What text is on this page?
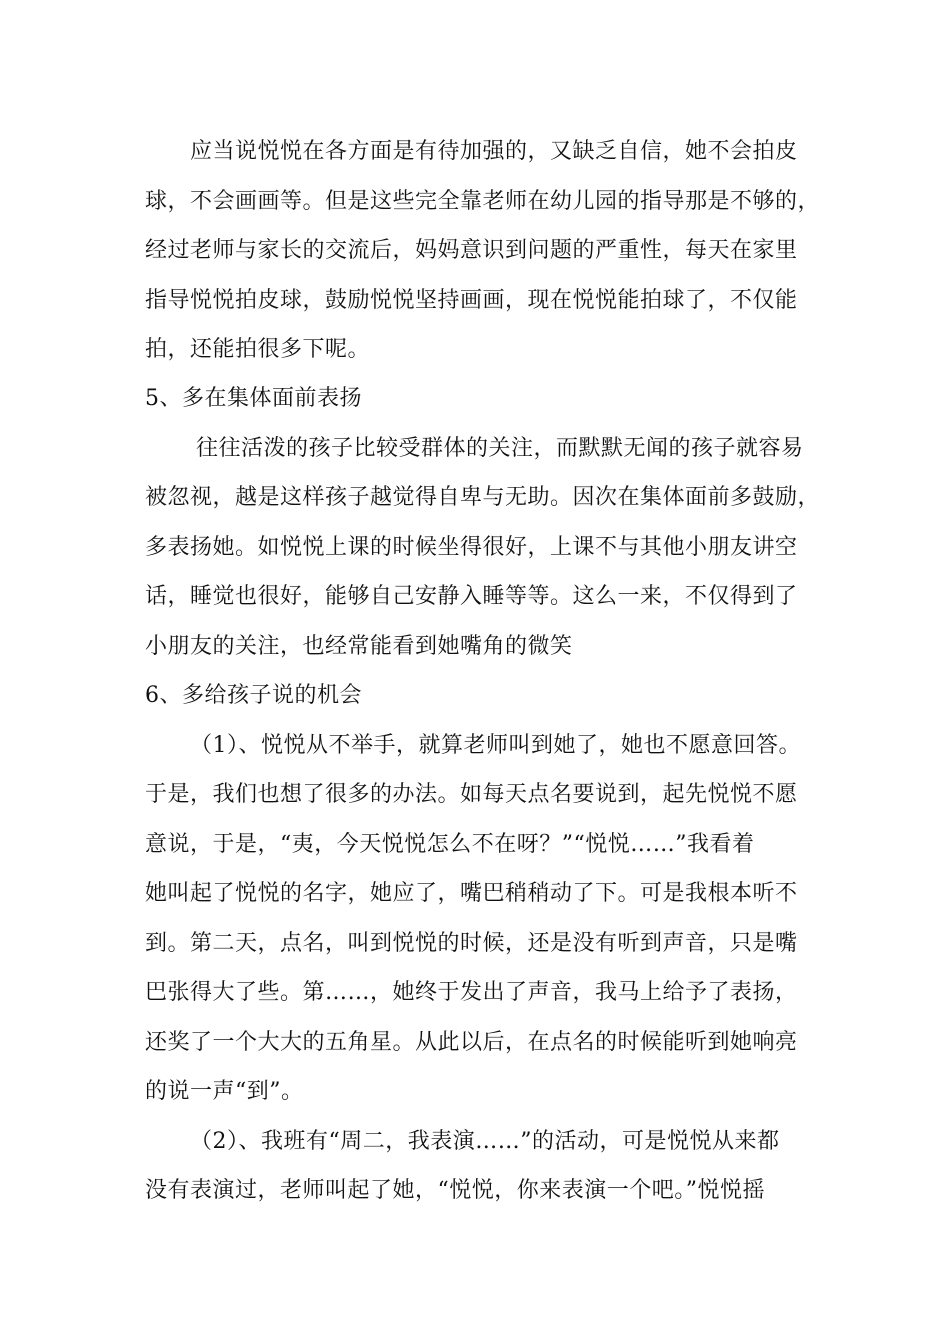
应当说悦悦在各方面是有待加强的，又缺乏自信，她不会拍皮
球，不会画画等。但是这些完全靠老师在幼儿园的指导那是不够的，
经过老师与家长的交流后，妈妈意识到问题的严重性，每天在家里
指导悦悦拍皮球，鼓励悦悦坚持画画，现在悦悦能拍球了，不仅能
拍，还能拍很多下呢。
5、多在集体面前表扬
往往活泼的孩子比较受群体的关注，而默默无闻的孩子就容易
被忽视，越是这样孩子越觉得自卑与无助。因次在集体面前多鼓励，
多表扬她。如悦悦上课的时候坐得很好，上课不与其他小朋友讲空
话，睡觉也很好，能够自己安静入睡等等。这么一来，不仅得到了
小朋友的关注，也经常能看到她嘴角的微笑
6、多给孩子说的机会
（1）、悦悦从不举手，就算老师叫到她了，她也不愿意回答。
于是，我们也想了很多的办法。如每天点名要说到，起先悦悦不愿
意说，于是，“夷，今天悦悦怎么不在呀？”“悦悦……”我看着
她叫起了悦悦的名字，她应了，嘴巴稍稍动了下。可是我根本听不
到。第二天，点名，叫到悦悦的时候，还是没有听到声音，只是嘴
巴张得大了些。第……，她终于发出了声音，我马上给予了表扬，
还奖了一个大大的五角星。从此以后，在点名的时候能听到她响亮
的说一声“到”。
（2）、我班有“周二，我表演……”的活动，可是悦悦从来都
没有表演过，老师叫起了她，“悦悦，你来表演一个吧。”悦悦摇
